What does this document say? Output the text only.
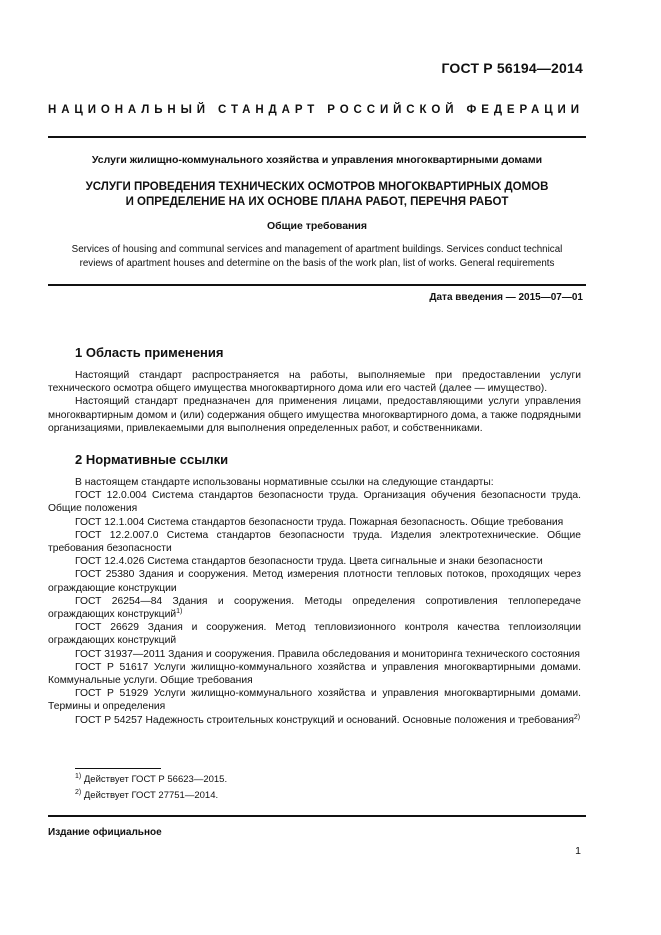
ГОСТ Р 56194—2014
НАЦИОНАЛЬНЫЙ СТАНДАРТ РОССИЙСКОЙ ФЕДЕРАЦИИ
Услуги жилищно-коммунального хозяйства и управления многоквартирными домами
УСЛУГИ ПРОВЕДЕНИЯ ТЕХНИЧЕСКИХ ОСМОТРОВ МНОГОКВАРТИРНЫХ ДОМОВ
И ОПРЕДЕЛЕНИЕ НА ИХ ОСНОВЕ ПЛАНА РАБОТ, ПЕРЕЧНЯ РАБОТ
Общие требования
Services of housing and communal services and management of apartment buildings. Services conduct technical
reviews of apartment houses and determine on the basis of the work plan, list of works. General requirements
Дата введения — 2015—07—01
1 Область применения

Настоящий стандарт распространяется на работы, выполняемые при предоставлении услуги технического осмотра общего имущества многоквартирного дома или его частей (далее — имущество).

Настоящий стандарт предназначен для применения лицами, предоставляющими услуги управления многоквартирным домом и (или) содержания общего имущества многоквартирного дома, а также подрядными организациями, привлекаемыми для выполнения определенных работ, и собственниками.

2 Нормативные ссылки

В настоящем стандарте использованы нормативные ссылки на следующие стандарты:

ГОСТ 12.0.004 Система стандартов безопасности труда. Организация обучения безопасности труда. Общие положения

ГОСТ 12.1.004 Система стандартов безопасности труда. Пожарная безопасность. Общие требования

ГОСТ 12.2.007.0 Система стандартов безопасности труда. Изделия электротехнические. Общие требования безопасности

ГОСТ 12.4.026 Система стандартов безопасности труда. Цвета сигнальные и знаки безопасности

ГОСТ 25380 Здания и сооружения. Метод измерения плотности тепловых потоков, проходящих через ограждающие конструкции

ГОСТ 26254—84 Здания и сооружения. Методы определения сопротивления теплопередаче ограждающих конструкций$^{1)}$

ГОСТ 26629 Здания и сооружения. Метод тепловизионного контроля качества теплоизоляции ограждающих конструкций

ГОСТ 31937—2011 Здания и сооружения. Правила обследования и мониторинга технического состояния

ГОСТ Р 51617 Услуги жилищно-коммунального хозяйства и управления многоквартирными домами. Коммунальные услуги. Общие требования

ГОСТ Р 51929 Услуги жилищно-коммунального хозяйства и управления многоквартирными домами. Термины и определения

ГОСТ Р 54257 Надежность строительных конструкций и оснований. Основные положения и требования$^{2)}$

$^{1)}$ Действует ГОСТ Р 56623—2015.
$^{2)}$ Действует ГОСТ 27751—2014.
Издание официальное
1
